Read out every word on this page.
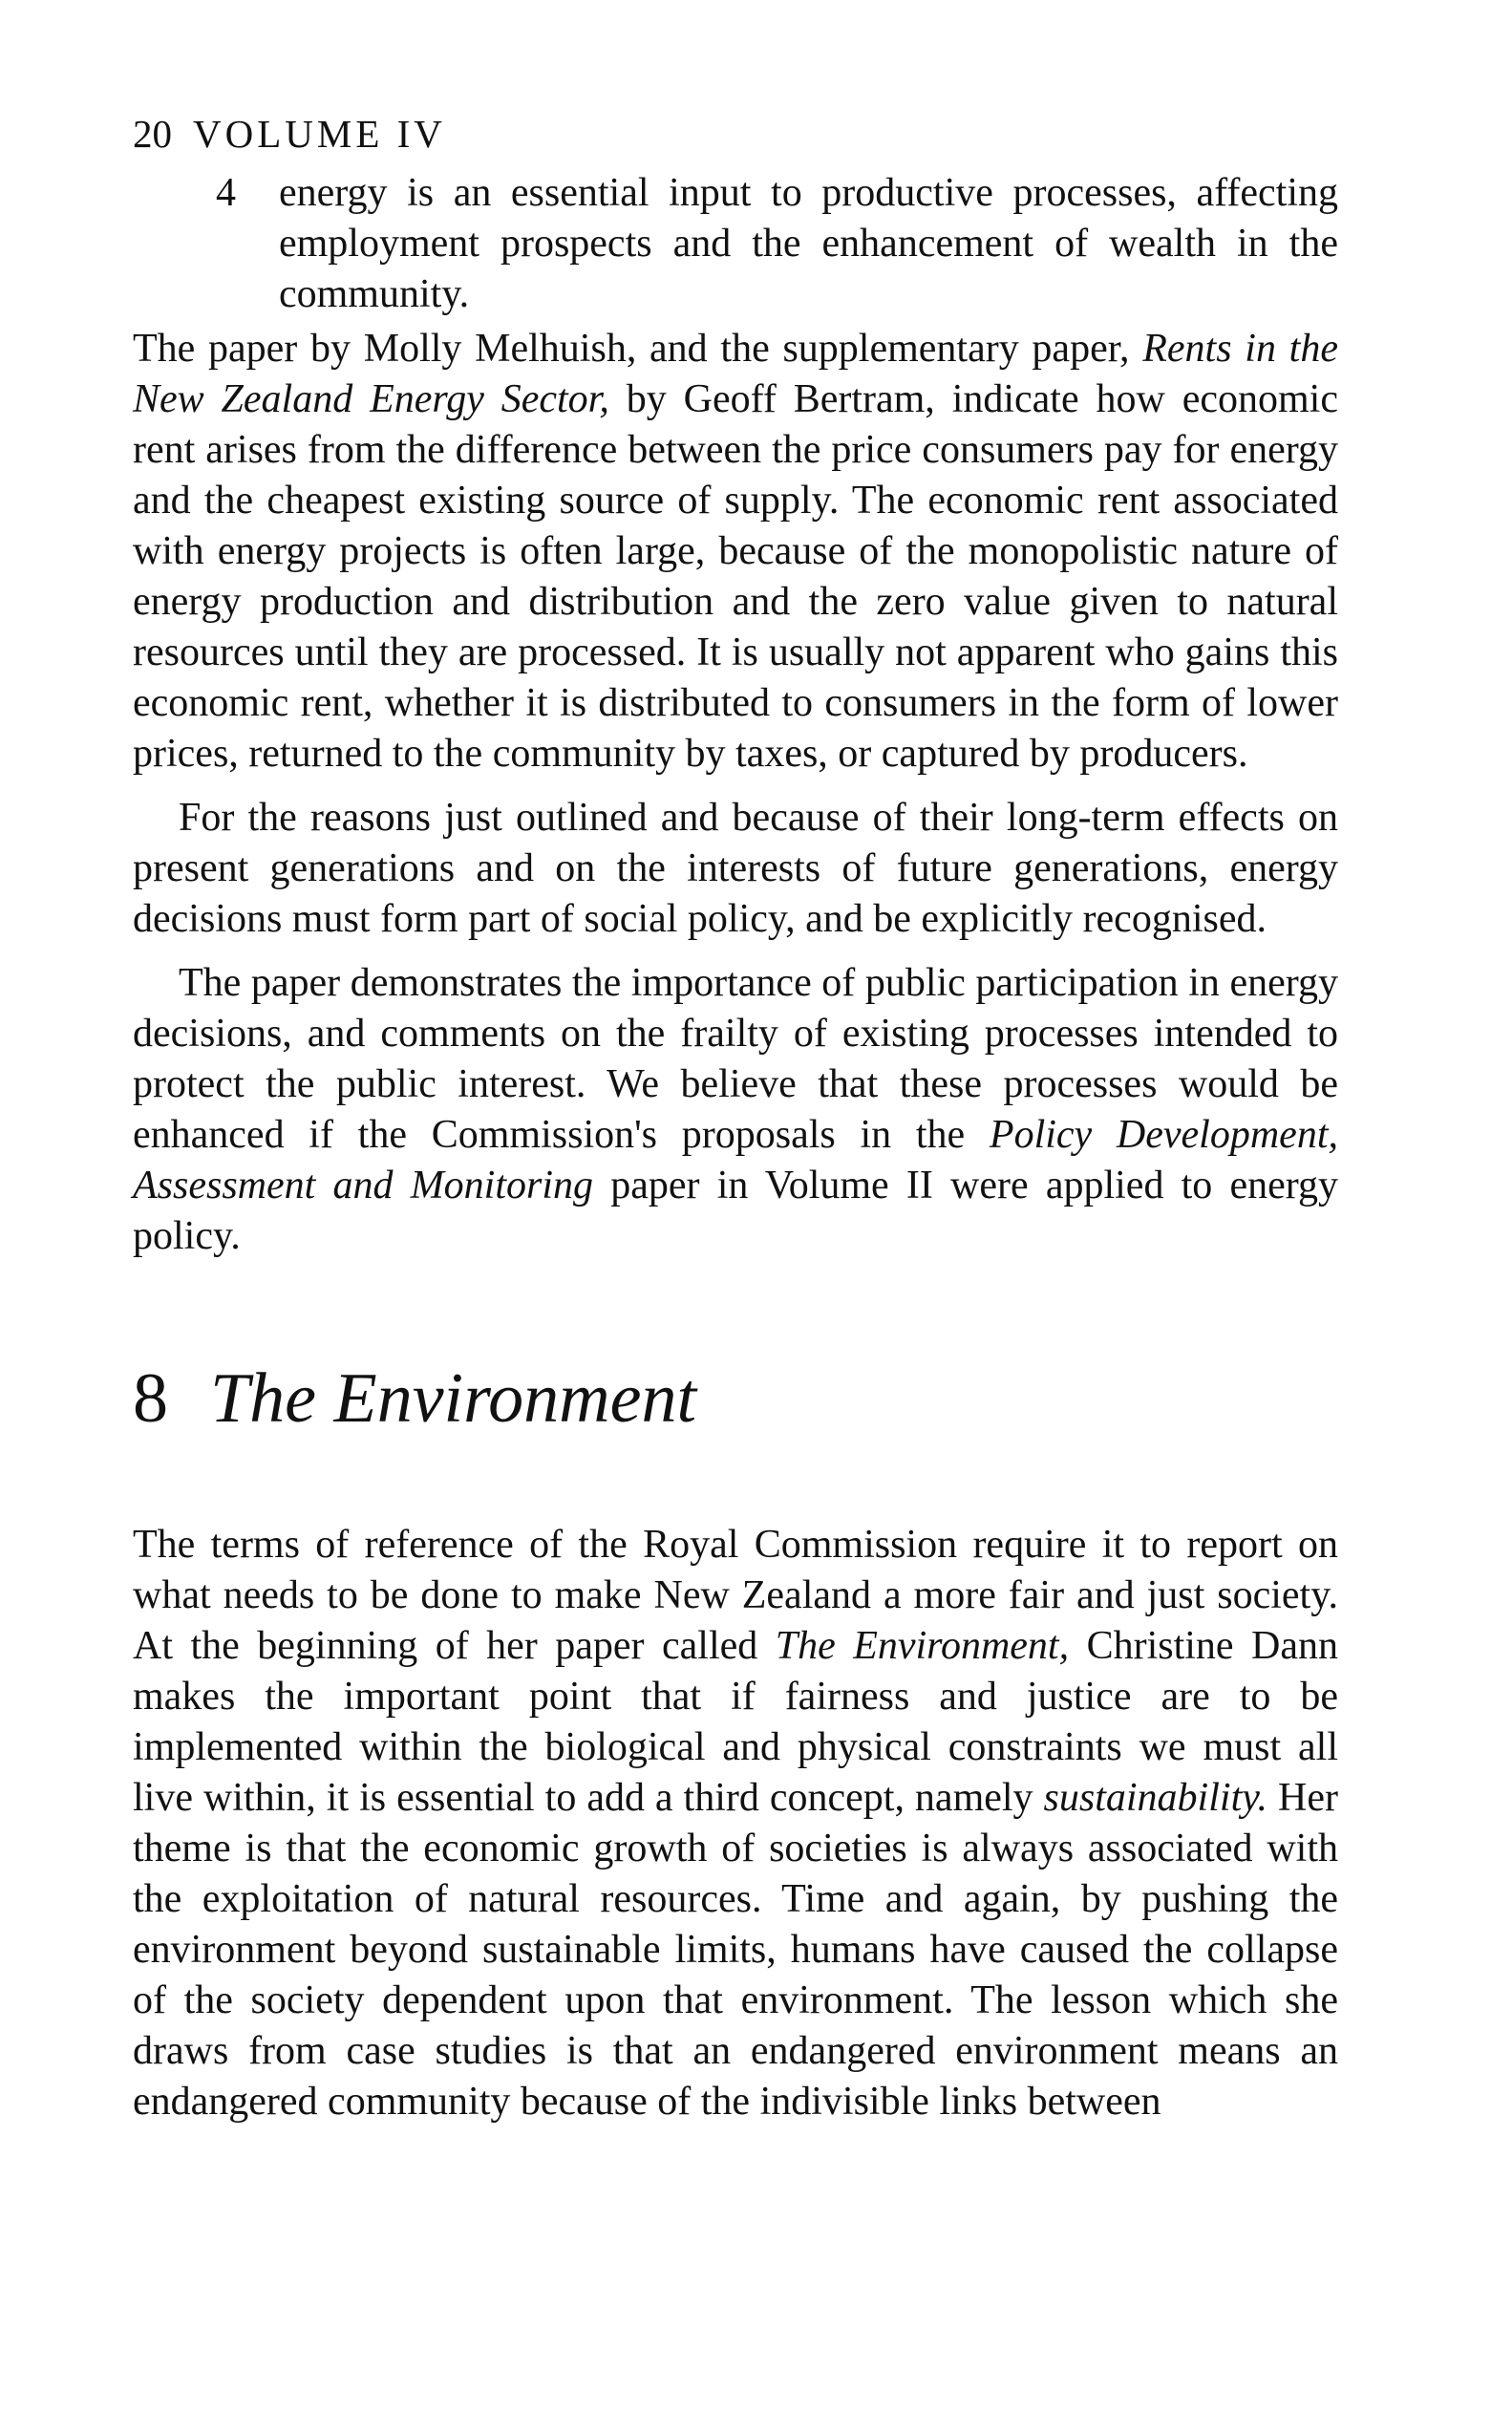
20 VOLUME IV
4 energy is an essential input to productive processes, affecting employment prospects and the enhancement of wealth in the community.

The paper by Molly Melhuish, and the supplementary paper, Rents in the New Zealand Energy Sector, by Geoff Bertram, indicate how economic rent arises from the difference between the price consumers pay for energy and the cheapest existing source of supply. The economic rent associated with energy projects is often large, because of the monopolistic nature of energy production and distribution and the zero value given to natural resources until they are processed. It is usually not apparent who gains this economic rent, whether it is distributed to consumers in the form of lower prices, returned to the community by taxes, or captured by producers.

For the reasons just outlined and because of their long-term effects on present generations and on the interests of future generations, energy decisions must form part of social policy, and be explicitly recognised.

The paper demonstrates the importance of public participation in energy decisions, and comments on the frailty of existing processes intended to protect the public interest. We believe that these processes would be enhanced if the Commission's proposals in the Policy Development, Assessment and Monitoring paper in Volume II were applied to energy policy.

8 The Environment

The terms of reference of the Royal Commission require it to report on what needs to be done to make New Zealand a more fair and just society. At the beginning of her paper called The Environment, Christine Dann makes the important point that if fairness and justice are to be implemented within the biological and physical constraints we must all live within, it is essential to add a third concept, namely sustainability. Her theme is that the economic growth of societies is always associated with the exploitation of natural resources. Time and again, by pushing the environment beyond sustainable limits, humans have caused the collapse of the society dependent upon that environment. The lesson which she draws from case studies is that an endangered environment means an endangered community because of the indivisible links between
